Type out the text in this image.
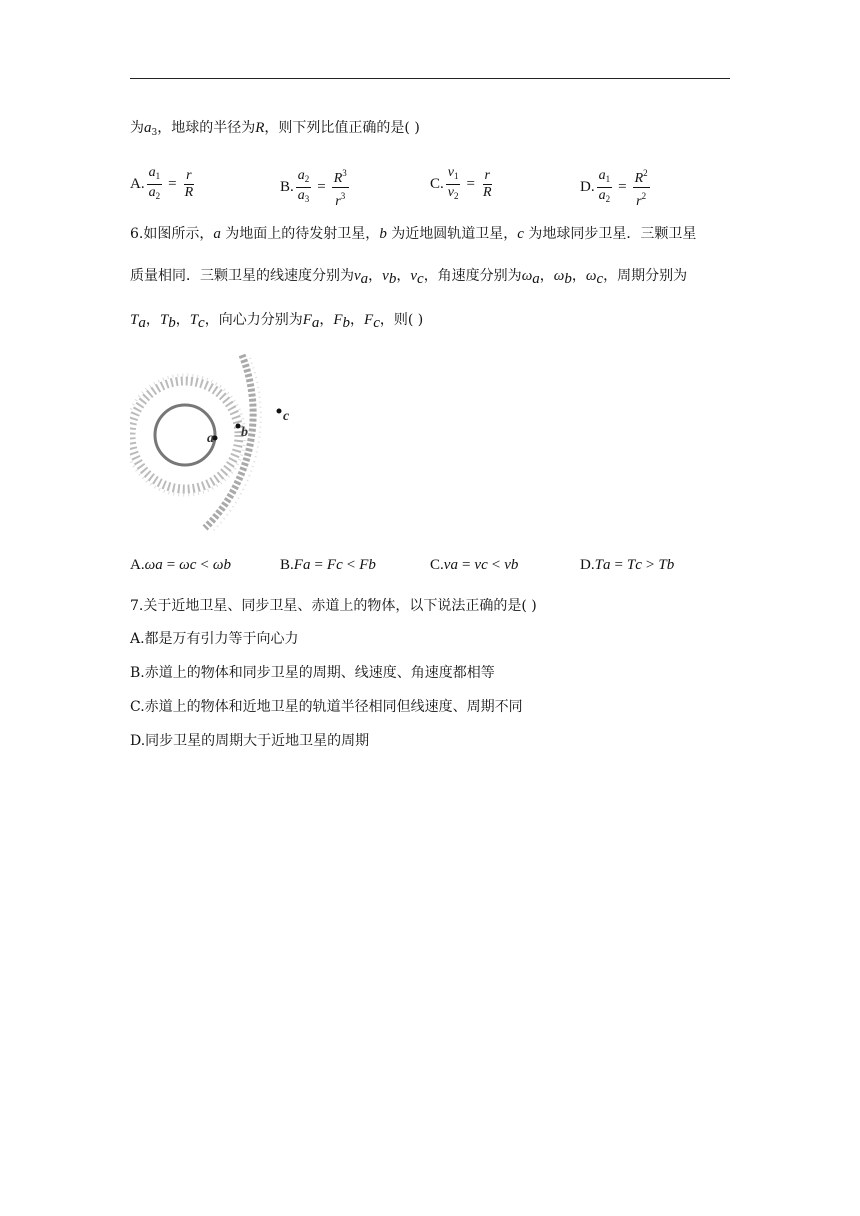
为$a_3$，地球的半径为R，则下列比值正确的是( )
A. $\frac{a_1}{a_2} = \frac{r}{R}$	B. $\frac{a_2}{a_3} = \frac{R^3}{r^3}$	C. $\frac{v_1}{v_2} = \frac{r}{R}$	D. $\frac{a_1}{a_2} = \frac{R^2}{r^2}$
6.如图所示，a 为地面上的待发射卫星，b 为近地圆轨道卫星，c 为地球同步卫星．三颗卫星
质量相同．三颗卫星的线速度分别为$v_a$，$v_b$，$v_c$，角速度分别为$\omega_a$，$\omega_b$，$\omega_c$，周期分别为
$T_a$，$T_b$，$T_c$，向心力分别为$F_a$，$F_b$，$F_c$，则( )
a b
c
A. ω a = ω c < ω b	B. F a = F c < F b	C. v a = v c < v b	D. T a = T c > T b
7.关于近地卫星、同步卫星、赤道上的物体，以下说法正确的是( )
A.都是万有引力等于向心力
B.赤道上的物体和同步卫星的周期、线速度、角速度都相等
C.赤道上的物体和近地卫星的轨道半径相同但线速度、周期不同
D.同步卫星的周期大于近地卫星的周期
